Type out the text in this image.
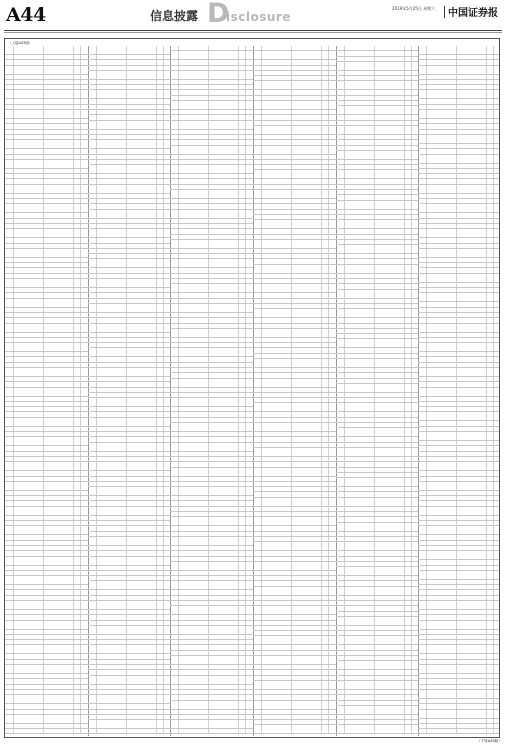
A44	信息披露 D
isclosure
2019年5月25日 星期六 中国证券报
（上接A43版）
（下转A45版）
